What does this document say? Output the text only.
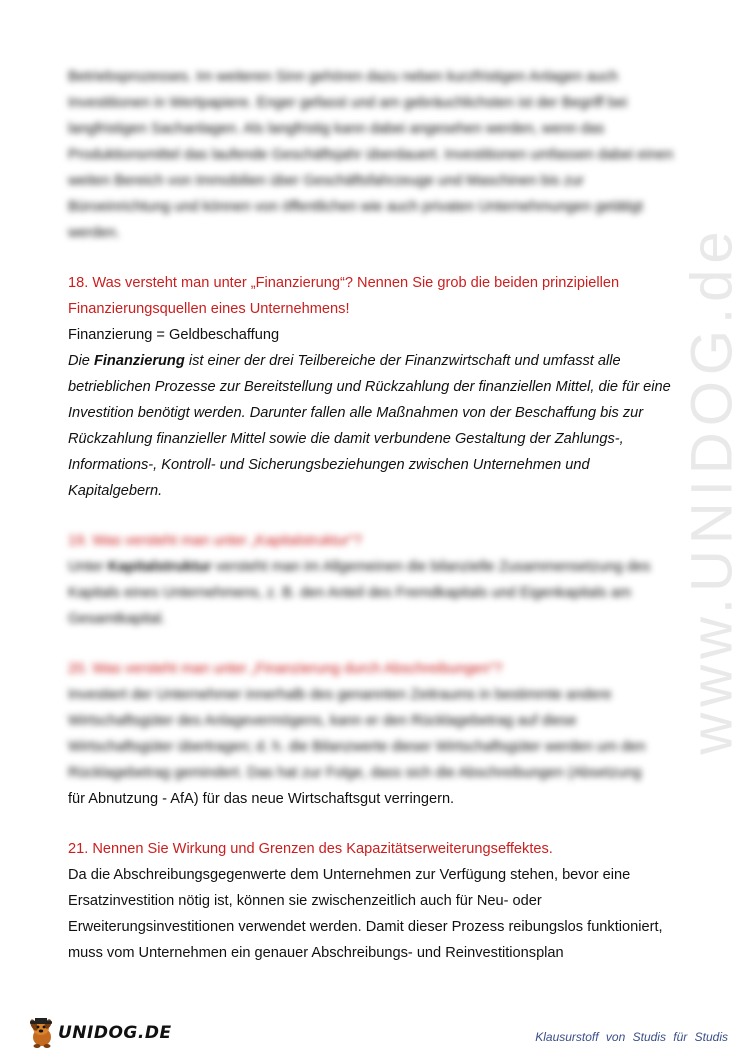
www.UNIDOG.de

Betriebsprozesses. Im weiteren Sinn gehören dazu neben kurzfristigen Anlagen auch Investitionen in Wertpapiere. Enger gefasst und am gebräuchlichsten ist der Begriff bei langfristigen Sachanlagen. Als langfristig kann dabei angesehen werden, wenn das Produktionsmittel das laufende Geschäftsjahr überdauert. Investitionen umfassen dabei einen weiten Bereich von Immobilien über Geschäftsfahrzeuge und Maschinen bis zur Büroeinrichtung und können von öffentlichen wie auch privaten Unternehmungen getätigt werden.

18. Was versteht man unter „Finanzierung“? Nennen Sie grob die beiden prinzipiellen Finanzierungsquellen eines Unternehmens!

Finanzierung = Geldbeschaffung

Die Finanzierung ist einer der drei Teilbereiche der Finanzwirtschaft und umfasst alle betrieblichen Prozesse zur Bereitstellung und Rückzahlung der finanziellen Mittel, die für eine Investition benötigt werden. Darunter fallen alle Maßnahmen von der Beschaffung bis zur Rückzahlung finanzieller Mittel sowie die damit verbundene Gestaltung der Zahlungs-, Informations-, Kontroll- und Sicherungsbeziehungen zwischen Unternehmen und Kapitalgebern.

19. Was versteht man unter „Kapitalstruktur“?

Unter Kapitalstruktur versteht man im Allgemeinen die bilanzielle Zusammensetzung des Kapitals eines Unternehmens, z. B. den Anteil des Fremdkapitals und Eigenkapitals am Gesamtkapital.

20. Was versteht man unter „Finanzierung durch Abschreibungen“?

Investiert der Unternehmer innerhalb des genannten Zeitraums in bestimmte andere Wirtschaftsgüter des Anlagevermögens, kann er den Rücklagebetrag auf diese Wirtschaftsgüter übertragen; d. h. die Bilanzwerte dieser Wirtschaftsgüter werden um den Rücklagebetrag gemindert. Das hat zur Folge, dass sich die Abschreibungen (Absetzung

für Abnutzung - AfA) für das neue Wirtschaftsgut verringern.

21. Nennen Sie Wirkung und Grenzen des Kapazitätserweiterungseffektes.

Da die Abschreibungsgegenwerte dem Unternehmen zur Verfügung stehen, bevor eine Ersatzinvestition nötig ist, können sie zwischenzeitlich auch für Neu- oder Erweiterungsinvestitionen verwendet werden. Damit dieser Prozess reibungslos funktioniert, muss vom Unternehmen ein genauer Abschreibungs- und Reinvestitionsplan

UNIDOG.DE	Klausurstoff von Studis für Studis
